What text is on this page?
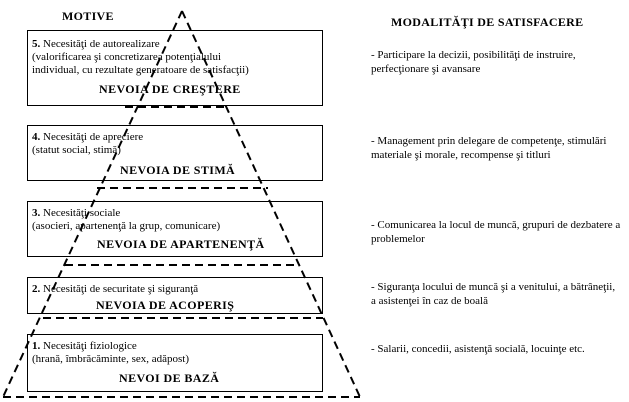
MOTIVE	MODALITĂŢI DE SATISFACERE
5. Necesităţi de autorealizare
(valorificarea şi concretizarea potenţialului
individual, cu rezultate generatoare de satisfacţii)
NEVOIA DE CREŞTERE
4. Necesităţi de apreciere
(statut social, stimă)
NEVOIA DE STIMĂ
3. Necesităţi sociale
(asocieri, apartenenţă la grup, comunicare)
NEVOIA DE APARTENENŢĂ
2. Necesităţi de securitate şi siguranţă
NEVOIA DE ACOPERIŞ
1. Necesităţi fiziologice
(hrană, îmbrăcăminte, sex, adăpost)
NEVOI DE BAZĂ
- Participare la decizii, posibilităţi de instruire, perfecţionare şi avansare
- Management prin delegare de competenţe, stimulări materiale şi morale, recompense şi titluri
- Comunicarea la locul de muncă, grupuri de dezbatere a problemelor
- Siguranţa locului de muncă şi a venitului, a bătrâneţii, a asistenţei în caz de boală
- Salarii, concedii, asistenţă socială, locuinţe etc.
